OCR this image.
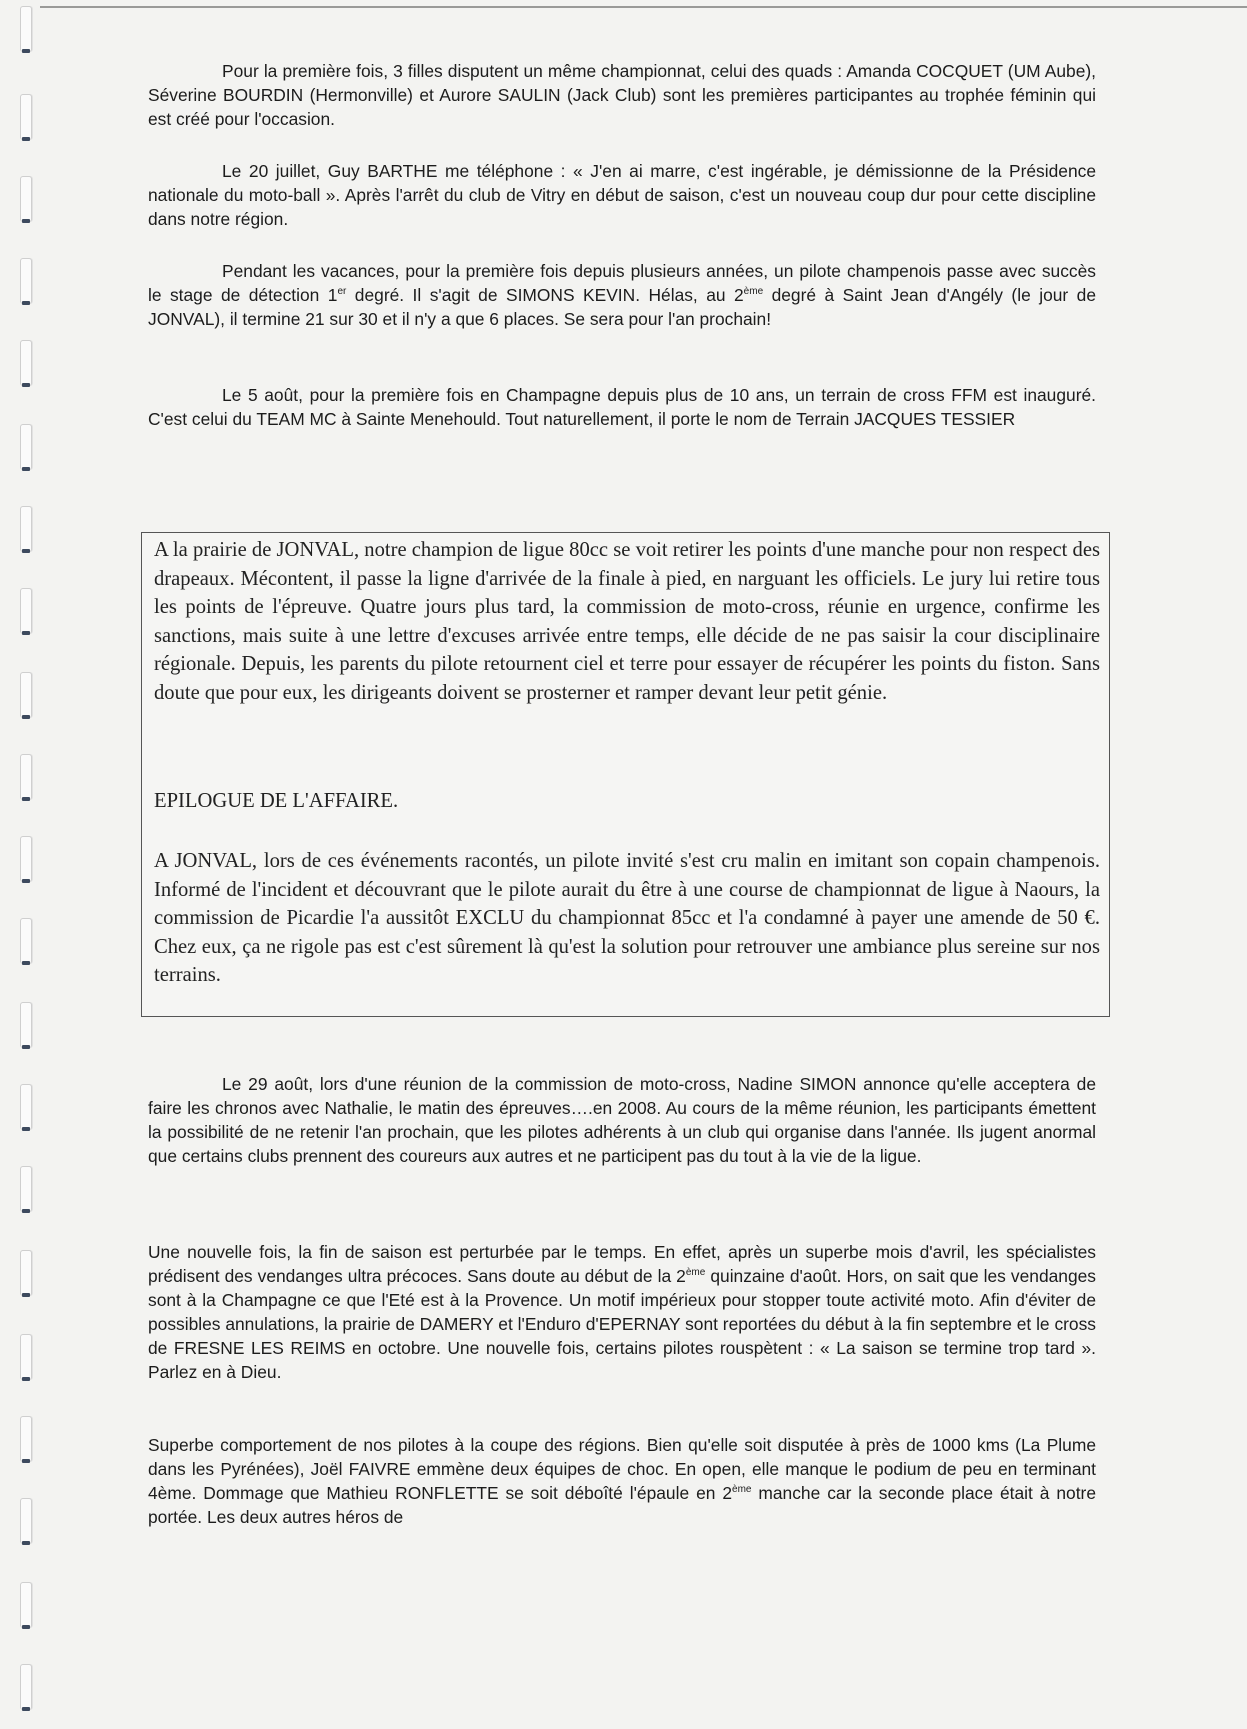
Pour la première fois, 3 filles disputent un même championnat, celui des quads : Amanda COCQUET (UM Aube), Séverine BOURDIN (Hermonville) et Aurore SAULIN (Jack Club) sont les premières participantes au trophée féminin qui est créé pour l'occasion.

Le 20 juillet, Guy BARTHE me téléphone : « J'en ai marre, c'est ingérable, je démissionne de la Présidence nationale du moto-ball ». Après l'arrêt du club de Vitry en début de saison, c'est un nouveau coup dur pour cette discipline dans notre région.

Pendant les vacances, pour la première fois depuis plusieurs années, un pilote champenois passe avec succès le stage de détection 1er degré. Il s'agit de SIMONS KEVIN. Hélas, au 2ème degré à Saint Jean d'Angély (le jour de JONVAL), il termine 21 sur 30 et il n'y a que 6 places. Se sera pour l'an prochain!

Le 5 août, pour la première fois en Champagne depuis plus de 10 ans, un terrain de cross FFM est inauguré. C'est celui du TEAM MC à Sainte Menehould. Tout naturellement, il porte le nom de Terrain JACQUES TESSIER

A la prairie de JONVAL, notre champion de ligue 80cc se voit retirer les points d'une manche pour non respect des drapeaux. Mécontent, il passe la ligne d'arrivée de la finale à pied, en narguant les officiels. Le jury lui retire tous les points de l'épreuve. Quatre jours plus tard, la commission de moto-cross, réunie en urgence, confirme les sanctions, mais suite à une lettre d'excuses arrivée entre temps, elle décide de ne pas saisir la cour disciplinaire régionale. Depuis, les parents du pilote retournent ciel et terre pour essayer de récupérer les points du fiston. Sans doute que pour eux, les dirigeants doivent se prosterner et ramper devant leur petit génie.

EPILOGUE DE L'AFFAIRE.

A JONVAL, lors de ces événements racontés, un pilote invité s'est cru malin en imitant son copain champenois. Informé de l'incident et découvrant que le pilote aurait du être à une course de championnat de ligue à Naours, la commission de Picardie l'a aussitôt EXCLU du championnat 85cc et l'a condamné à payer une amende de 50 €. Chez eux, ça ne rigole pas est c'est sûrement là qu'est la solution pour retrouver une ambiance plus sereine sur nos terrains.

Le 29 août, lors d'une réunion de la commission de moto-cross, Nadine SIMON annonce qu'elle acceptera de faire les chronos avec Nathalie, le matin des épreuves….en 2008. Au cours de la même réunion, les participants émettent la possibilité de ne retenir l'an prochain, que les pilotes adhérents à un club qui organise dans l'année. Ils jugent anormal que certains clubs prennent des coureurs aux autres et ne participent pas du tout à la vie de la ligue.

Une nouvelle fois, la fin de saison est perturbée par le temps. En effet, après un superbe mois d'avril, les spécialistes prédisent des vendanges ultra précoces. Sans doute au début de la 2ème quinzaine d'août. Hors, on sait que les vendanges sont à la Champagne ce que l'Eté est à la Provence. Un motif impérieux pour stopper toute activité moto. Afin d'éviter de possibles annulations, la prairie de DAMERY et l'Enduro d'EPERNAY sont reportées du début à la fin septembre et le cross de FRESNE LES REIMS en octobre. Une nouvelle fois, certains pilotes rouspètent : « La saison se termine trop tard ». Parlez en à Dieu.

Superbe comportement de nos pilotes à la coupe des régions. Bien qu'elle soit disputée à près de 1000 kms (La Plume dans les Pyrénées), Joël FAIVRE emmène deux équipes de choc. En open, elle manque le podium de peu en terminant 4ème. Dommage que Mathieu RONFLETTE se soit déboîté l'épaule en 2ème manche car la seconde place était à notre portée. Les deux autres héros de
